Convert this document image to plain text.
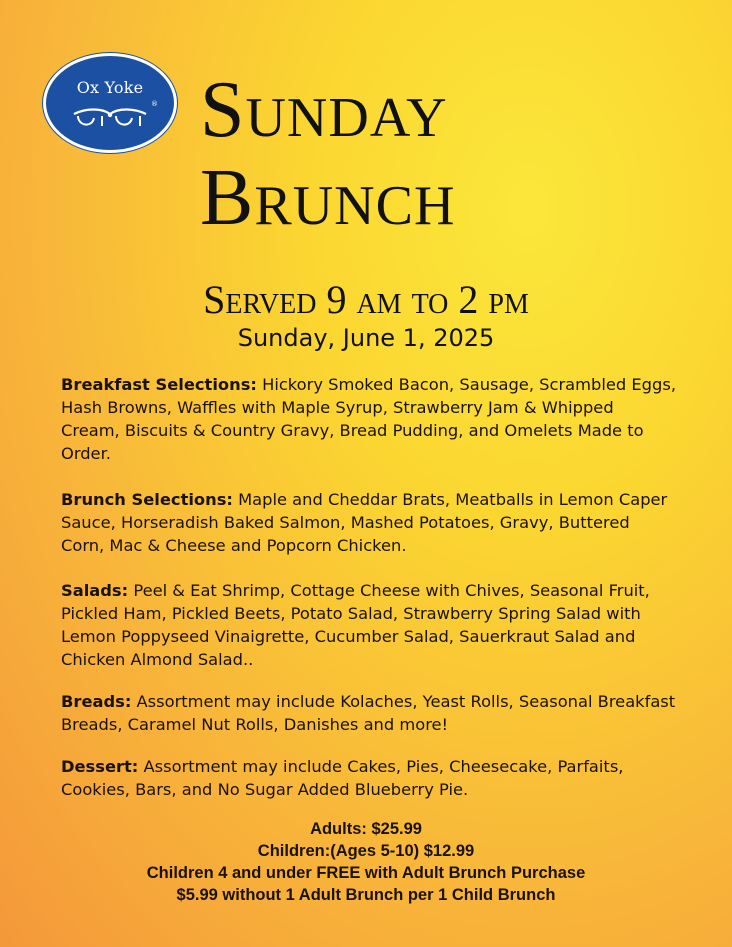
Ox Yoke
® Sunday
Brunch
Served 9 am to 2 pm
Sunday, June 1, 2025

Breakfast Selections: Hickory Smoked Bacon, Sausage, Scrambled Eggs, Hash Browns, Waffles with Maple Syrup, Strawberry Jam & Whipped Cream, Biscuits & Country Gravy, Bread Pudding, and Omelets Made to Order.

Brunch Selections: Maple and Cheddar Brats, Meatballs in Lemon Caper Sauce, Horseradish Baked Salmon, Mashed Potatoes, Gravy, Buttered Corn, Mac & Cheese and Popcorn Chicken.

Salads: Peel & Eat Shrimp, Cottage Cheese with Chives, Seasonal Fruit, Pickled Ham, Pickled Beets, Potato Salad, Strawberry Spring Salad with Lemon Poppyseed Vinaigrette, Cucumber Salad, Sauerkraut Salad and Chicken Almond Salad..

Breads: Assortment may include Kolaches, Yeast Rolls, Seasonal Breakfast Breads, Caramel Nut Rolls, Danishes and more!

Dessert: Assortment may include Cakes, Pies, Cheesecake, Parfaits, Cookies, Bars, and No Sugar Added Blueberry Pie.

Adults: $25.99
Children:(Ages 5-10) $12.99
Children 4 and under FREE with Adult Brunch Purchase
$5.99 without 1 Adult Brunch per 1 Child Brunch
